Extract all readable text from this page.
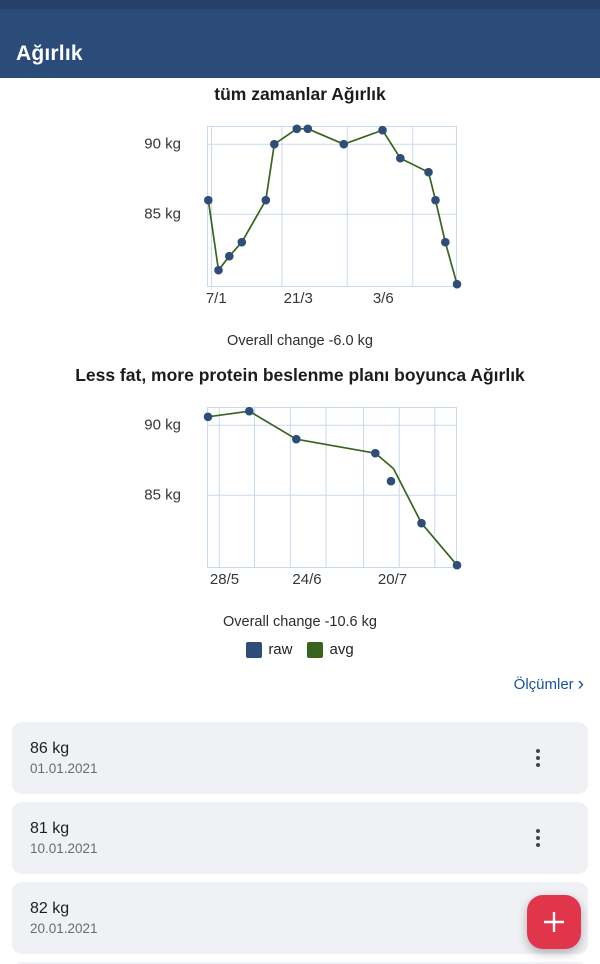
Ağırlık
tüm zamanlar Ağırlık
90 kg
85 kg
7/1	21/3	3/6

Overall change -6.0 kg

Less fat, more protein beslenme planı boyunca Ağırlık
90 kg
85 kg
28/5	24/6	20/7

Overall change -10.6 kg

raw avg
Ölçümler ›
86 kg
01.01.2021
81 kg
10.01.2021
82 kg
20.01.2021
